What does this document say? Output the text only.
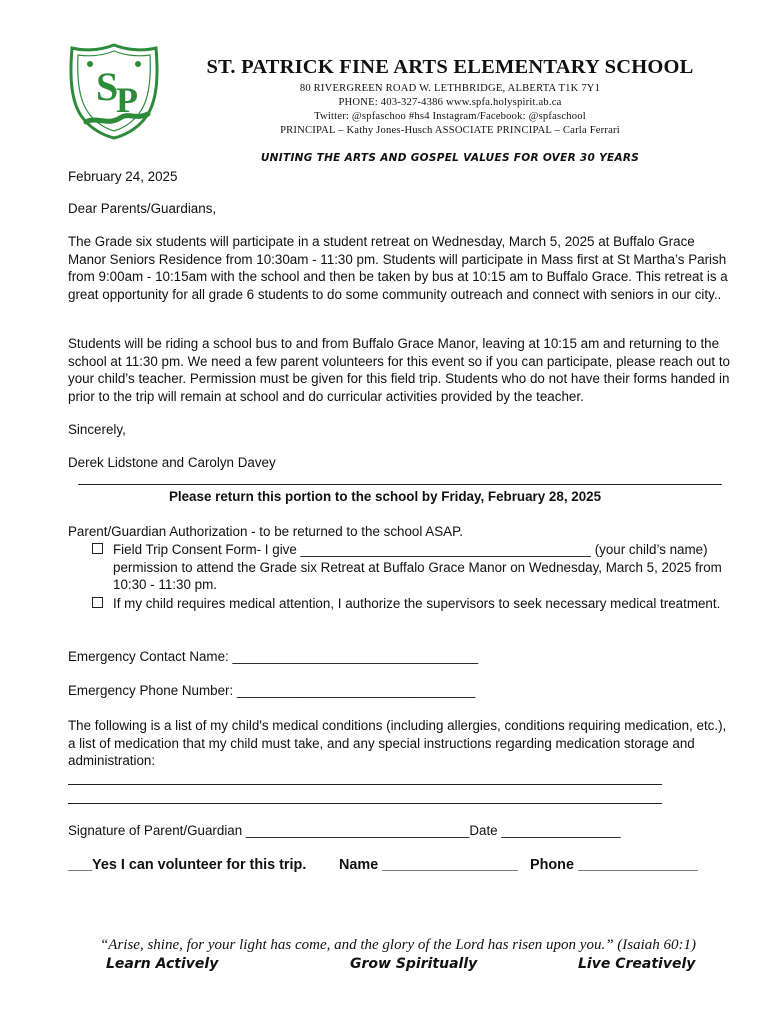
S
P
ST. PATRICK FINE ARTS ELEMENTARY SCHOOL
80 RIVERGREEN ROAD W. LETHBRIDGE, ALBERTA T1K 7Y1
PHONE: 403-327-4386 www.spfa.holyspirit.ab.ca
Twitter: @spfaschoo #hs4 Instagram/Facebook: @spfaschool
PRINCIPAL – Kathy Jones-Husch ASSOCIATE PRINCIPAL – Carla Ferrari
UNITING THE ARTS AND GOSPEL VALUES FOR OVER 30 YEARS
February 24, 2025
Dear Parents/Guardians,
The Grade six students will participate in a student retreat on Wednesday, March 5, 2025 at Buffalo Grace Manor Seniors Residence from 10:30am - 11:30 pm. Students will participate in Mass first at St Martha’s Parish from 9:00am - 10:15am with the school and then be taken by bus at 10:15 am to Buffalo Grace. This retreat is a great opportunity for all grade 6 students to do some community outreach and connect with seniors in our city..
Students will be riding a school bus to and from Buffalo Grace Manor, leaving at 10:15 am and returning to the school at 11:30 pm. We need a few parent volunteers for this event so if you can participate, please reach out to your child’s teacher. Permission must be given for this field trip. Students who do not have their forms handed in prior to the trip will remain at school and do curricular activities provided by the teacher.
Sincerely,
Derek Lidstone and Carolyn Davey
Please return this portion to the school by Friday, February 28, 2025
Parent/Guardian Authorization - to be returned to the school ASAP.
Field Trip Consent Form- I give _______________________________________ (your child’s name) permission to attend the Grade six Retreat at Buffalo Grace Manor on Wednesday, March 5, 2025 from 10:30 - 11:30 pm.
If my child requires medical attention, I authorize the supervisors to seek necessary medical treatment.
Emergency Contact Name: _________________________________
Emergency Phone Number: ________________________________
The following is a list of my child's medical conditions (including allergies, conditions requiring medication, etc.), a list of medication that my child must take, and any special instructions regarding medication storage and administration:
Signature of Parent/Guardian ______________________________Date ________________
___Yes I can volunteer for this trip. Name _________________ Phone _______________
“Arise, shine, for your light has come, and the glory of the Lord has risen upon you.” (Isaiah 60:1)
Learn Actively	Grow Spiritually	Live Creatively
